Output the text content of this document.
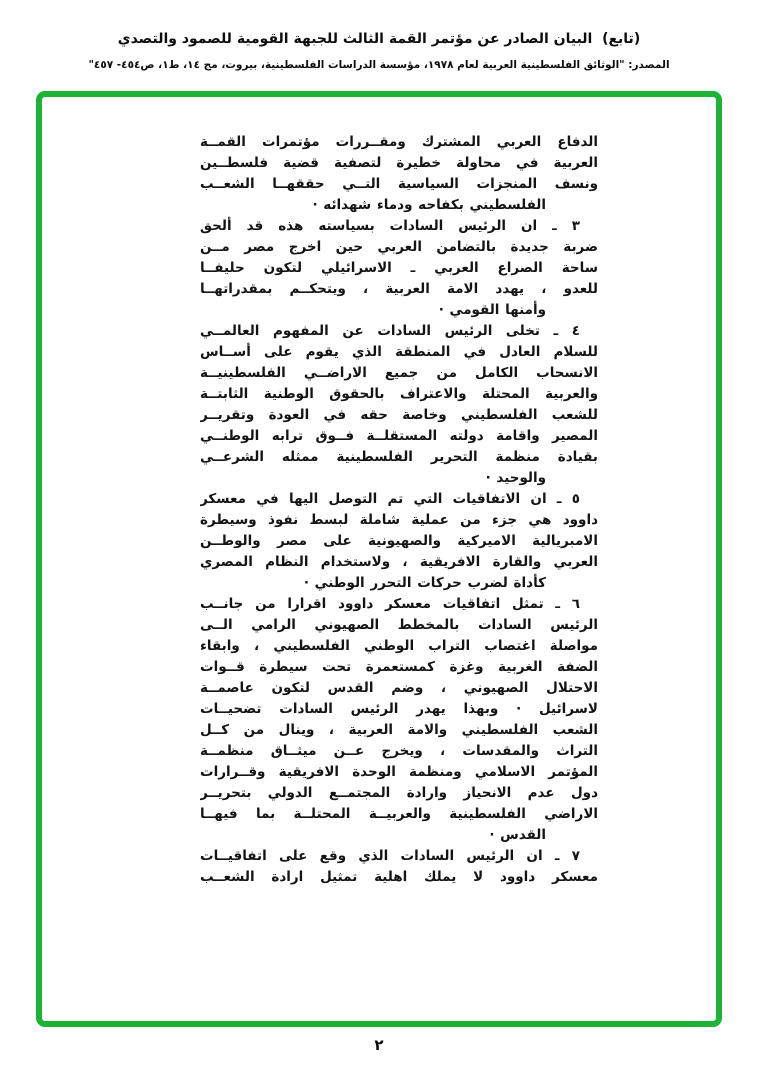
(تابع)  البيان الصادر عن مؤتمر القمة الثالث للجبهة القومية للصمود والتصدي
المصدر: "الوثائق الفلسطينية العربية لعام ١٩٧٨، مؤسسة الدراسات الفلسطينية، بيروت، مج ١٤، ط١، ص٤٥٤- ٤٥٧"
الدفاع العربي المشترك ومقــررات مؤتمرات القمــة
العربية في محاولة خطيرة لتصفية قضية فلسطــين
ونسف المنجزات السياسية التــي حققهــا الشعــب
الفلسطيني بكفاحه ودماء شهدائه ·
٣ ـ ان الرئيس السادات بسياسته هذه قد ألحق
ضربة جديدة بالتضامن العربي حين اخرج مصر مــن
ساحة الصراع العربي ـ الاسرائيلي لتكون حليفــا
للعدو ، يهدد الامة العربية ، ويتحكــم بمقدراتهــا
وأمنها القومي ·
٤ ـ تخلى الرئيس السادات عن المفهوم العالمــي
للسلام العادل في المنطقة الذي يقوم على أســاس
الانسحاب الكامل من جميع الاراضــي الفلسطينيــة
والعربية المحتلة والاعتراف بالحقوق الوطنية الثابتــة
للشعب الفلسطيني وخاصة حقه في العودة وتقريــر
المصير واقامة دولته المستقلــة فــوق ترابه الوطنــي
بقيادة منظمة التحرير الفلسطينية ممثله الشرعــي
والوحيد ·
٥ ـ ان الاتفاقيات التي تم التوصل اليها في معسكر
داوود هي جزء من عملية شاملة لبسط نفوذ وسيطرة
الامبريالية الاميركية والصهيونية على مصر والوطــن
العربي والقارة الافريقية ، ولاستخدام النظام المصري
كأداة لضرب حركات التحرر الوطني ·
٦ ـ تمثل اتفاقيات معسكر داوود اقرارا من جانــب
الرئيس السادات بالمخطط الصهيوني الرامي الــى
مواصلة اغتصاب التراب الوطني الفلسطيني ، وابقاء
الضفة الغربية وغزة كمستعمرة تحت سيطرة قــوات
الاحتلال الصهيوني ، وضم القدس لتكون عاصمــة
لاسرائيل · وبهذا يهدر الرئيس السادات تضحيــات
الشعب الفلسطيني والامة العربية ، وينال من كــل
التراث والمقدسات ، ويخرج عــن ميثــاق منظمــة
المؤتمر الاسلامي ومنظمة الوحدة الافريقية وقــرارات
دول عدم الانحياز وارادة المجتمــع الدولي بتحريــر
الاراضي الفلسطينية والعربيــة المحتلــة بما فيهــا
القدس ·
٧ ـ ان الرئيس السادات الذي وقع على اتفاقيــات
معسكر داوود لا يملك اهلية تمثيل ارادة الشعــب
٢
